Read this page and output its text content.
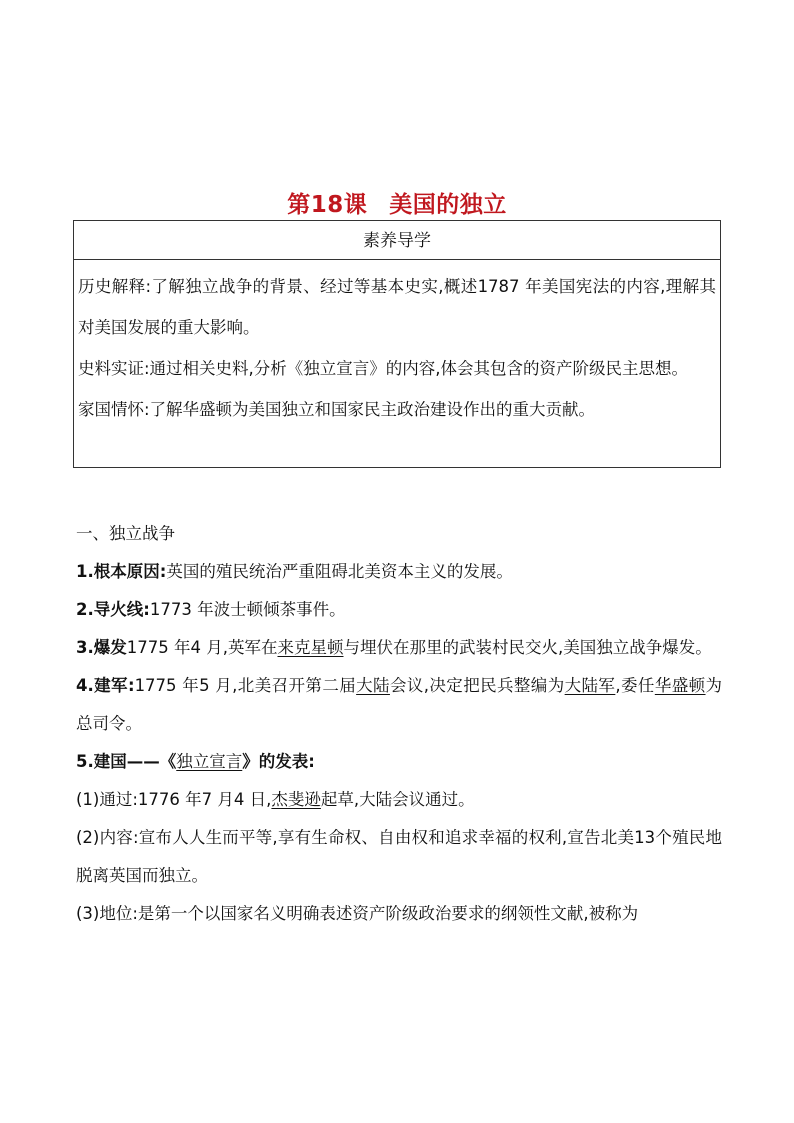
第18课 美国的独立
素养导学

历史解释:了解独立战争的背景、经过等基本史实,概述1787 年美国宪法的内容,理解其对美国发展的重大影响。

史料实证:通过相关史料,分析《独立宣言》的内容,体会其包含的资产阶级民主思想。

家国情怀:了解华盛顿为美国独立和国家民主政治建设作出的重大贡献。

一、独立战争

1.根本原因:英国的殖民统治严重阻碍北美资本主义的发展。

2.导火线:1773 年波士顿倾茶事件。

3.爆发1775 年4 月,英军在来克星顿与埋伏在那里的武装村民交火,美国独立战争爆发。

4.建军:1775 年5 月,北美召开第二届大陆会议,决定把民兵整编为大陆军,委任华盛顿为总司令。

5.建国——《独立宣言》的发表:

(1)通过:1776 年7 月4 日,杰斐逊起草,大陆会议通过。

(2)内容:宣布人人生而平等,享有生命权、自由权和追求幸福的权利,宣告北美13个殖民地脱离英国而独立。

(3)地位:是第一个以国家名义明确表述资产阶级政治要求的纲领性文献,被称为
